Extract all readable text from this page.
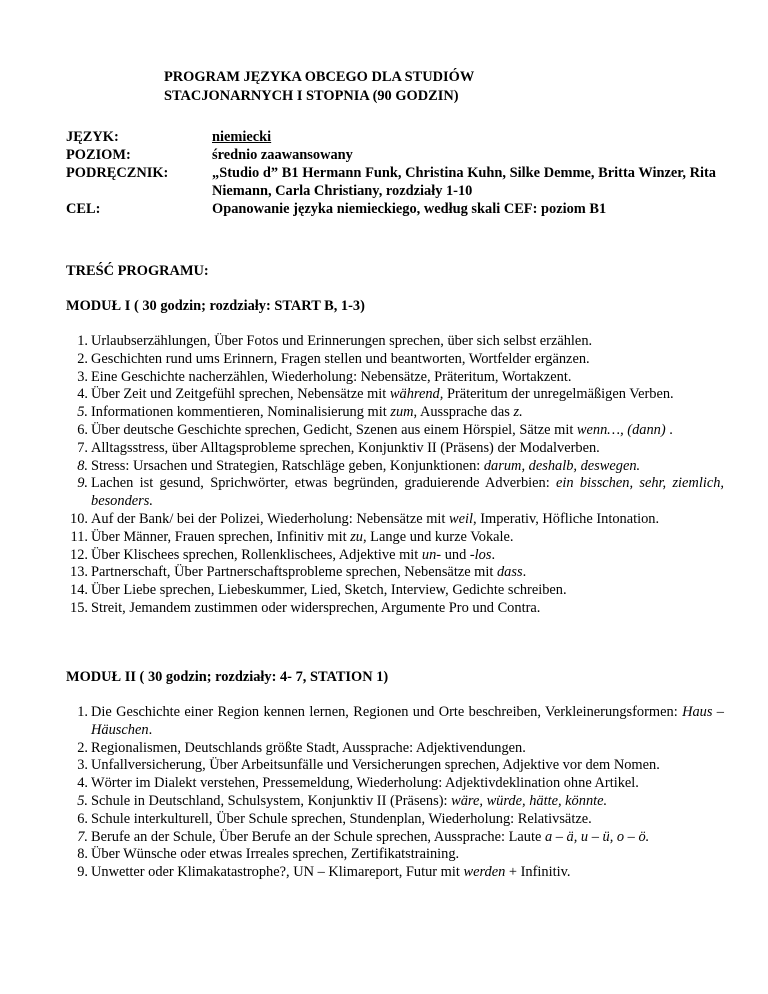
PROGRAM JĘZYKA OBCEGO DLA STUDIÓW
STACJONARNYCH I STOPNIA (90 GODZIN)
JĘZYK:	niemiecki
POZIOM:	średnio zaawansowany
PODRĘCZNIK:	„Studio d” B1 Hermann Funk, Christina Kuhn, Silke Demme, Britta Winzer, Rita Niemann, Carla Christiany, rozdziały 1-10
CEL:	Opanowanie języka niemieckiego, według skali CEF: poziom B1
TREŚĆ PROGRAMU:
MODUŁ I ( 30 godzin; rozdziały: START B, 1-3)
1. Urlaubserzählungen, Über Fotos und Erinnerungen sprechen, über sich selbst erzählen.
2. Geschichten rund ums Erinnern, Fragen stellen und beantworten, Wortfelder ergänzen.
3. Eine Geschichte nacherzählen, Wiederholung: Nebensätze, Präteritum, Wortakzent.
4. Über Zeit und Zeitgefühl sprechen, Nebensätze mit während, Präteritum der unregelmäßigen Verben.
5. Informationen kommentieren, Nominalisierung mit zum, Aussprache das z.
6. Über deutsche Geschichte sprechen, Gedicht, Szenen aus einem Hörspiel, Sätze mit wenn…, (dann) .
7. Alltagsstress, über Alltagsprobleme sprechen, Konjunktiv II (Präsens) der Modalverben.
8. Stress: Ursachen und Strategien, Ratschläge geben, Konjunktionen: darum, deshalb, deswegen.
9. Lachen ist gesund, Sprichwörter, etwas begründen, graduierende Adverbien: ein bisschen, sehr, ziemlich, besonders.
10. Auf der Bank/ bei der Polizei, Wiederholung: Nebensätze mit weil, Imperativ, Höfliche Intonation.
11. Über Männer, Frauen sprechen, Infinitiv mit zu, Lange und kurze Vokale.
12. Über Klischees sprechen, Rollenklischees, Adjektive mit un- und -los.
13. Partnerschaft, Über Partnerschaftsprobleme sprechen, Nebensätze mit dass.
14. Über Liebe sprechen, Liebeskummer, Lied, Sketch, Interview, Gedichte schreiben.
15. Streit, Jemandem zustimmen oder widersprechen, Argumente Pro und Contra.
MODUŁ II ( 30 godzin; rozdziały: 4- 7, STATION 1)
1. Die Geschichte einer Region kennen lernen, Regionen und Orte beschreiben, Verkleinerungsformen: Haus – Häuschen.
2. Regionalismen, Deutschlands größte Stadt, Aussprache: Adjektivendungen.
3. Unfallversicherung, Über Arbeitsunfälle und Versicherungen sprechen, Adjektive vor dem Nomen.
4. Wörter im Dialekt verstehen, Pressemeldung, Wiederholung: Adjektivdeklination ohne Artikel.
5. Schule in Deutschland, Schulsystem, Konjunktiv II (Präsens): wäre, würde, hätte, könnte.
6. Schule interkulturell, Über Schule sprechen, Stundenplan, Wiederholung: Relativsätze.
7. Berufe an der Schule, Über Berufe an der Schule sprechen, Aussprache: Laute a – ä, u – ü, o – ö.
8. Über Wünsche oder etwas Irreales sprechen, Zertifikatstraining.
9. Unwetter oder Klimakatastrophe?, UN – Klimareport, Futur mit werden + Infinitiv.
